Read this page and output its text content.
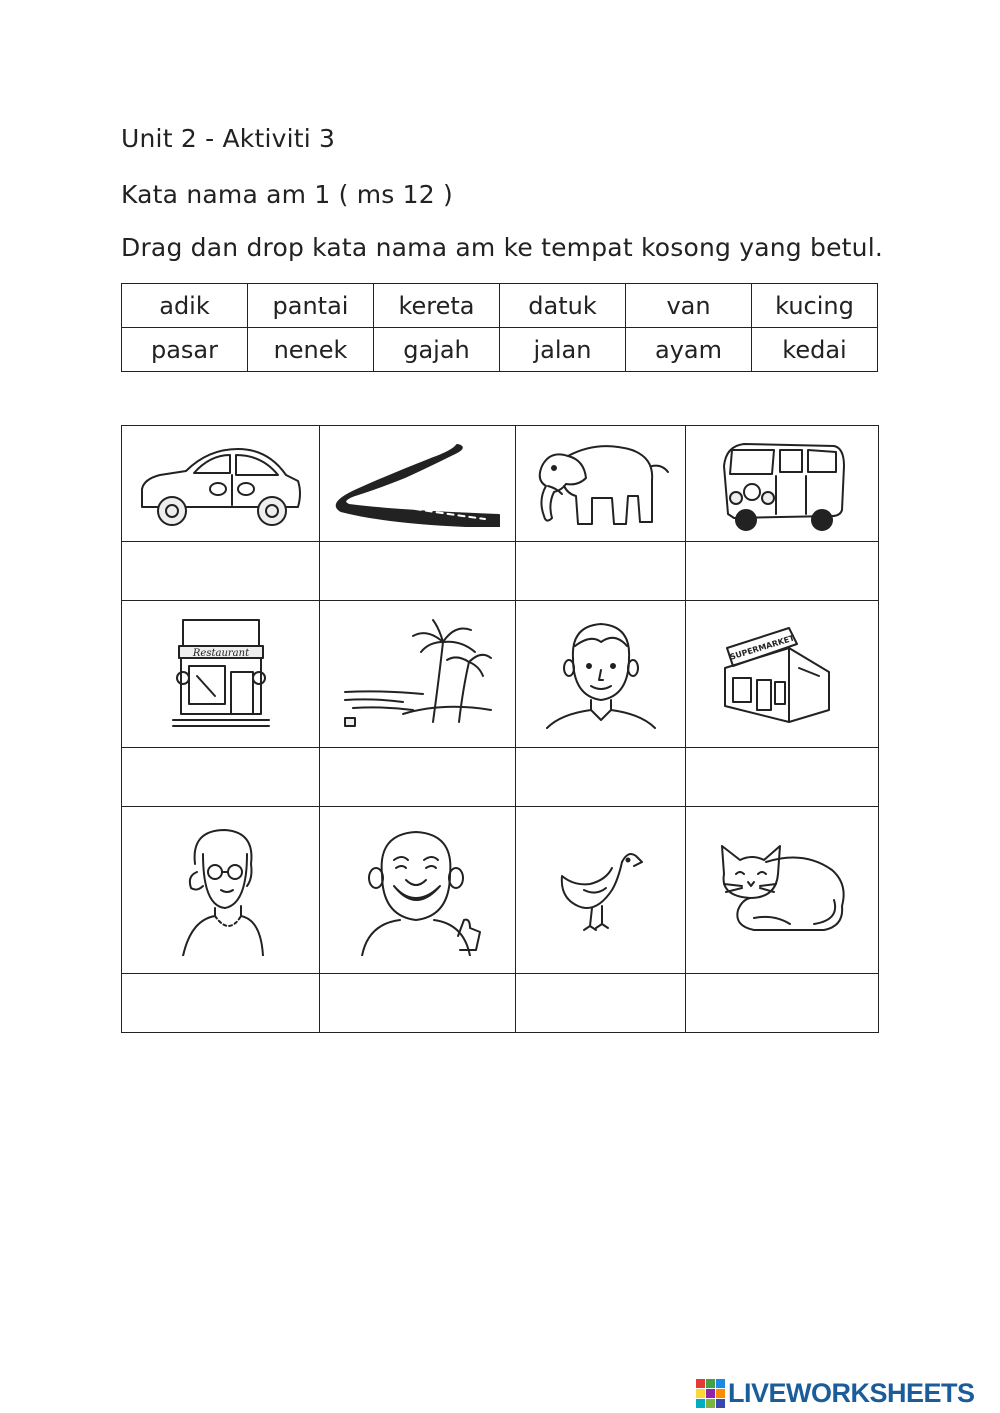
Unit 2 - Aktiviti 3
Kata nama am 1 ( ms 12 )
Drag dan drop kata nama am ke tempat kosong yang betul.
adik	pantai	kereta	datuk	van	kucing
pasar	nenek	gajah	jalan	ayam	kedai

Restaurant			SUPERMARKET

LIVEWORKSHEETS
